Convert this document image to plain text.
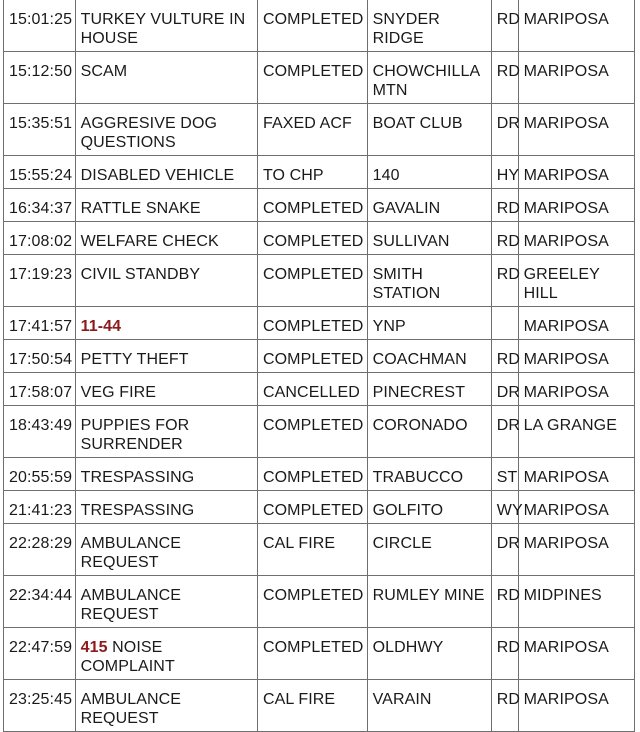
15:01:25	TURKEY VULTURE IN HOUSE	COMPLETED	SNYDER RIDGE	RD	MARIPOSA
15:12:50	SCAM	COMPLETED	CHOWCHILLA MTN	RD	MARIPOSA
15:35:51	AGGRESIVE DOG QUESTIONS	FAXED ACF	BOAT CLUB	DR	MARIPOSA
15:55:24	DISABLED VEHICLE	TO CHP	140	HY	MARIPOSA
16:34:37	RATTLE SNAKE	COMPLETED	GAVALIN	RD	MARIPOSA
17:08:02	WELFARE CHECK	COMPLETED	SULLIVAN	RD	MARIPOSA
17:19:23	CIVIL STANDBY	COMPLETED	SMITH STATION	RD	GREELEY HILL
17:41:57	11-44	COMPLETED	YNP		MARIPOSA
17:50:54	PETTY THEFT	COMPLETED	COACHMAN	RD	MARIPOSA
17:58:07	VEG FIRE	CANCELLED	PINECREST	DR	MARIPOSA
18:43:49	PUPPIES FOR SURRENDER	COMPLETED	CORONADO	DR	LA GRANGE
20:55:59	TRESPASSING	COMPLETED	TRABUCCO	ST	MARIPOSA
21:41:23	TRESPASSING	COMPLETED	GOLFITO	WY	MARIPOSA
22:28:29	AMBULANCE REQUEST	CAL FIRE	CIRCLE	DR	MARIPOSA
22:34:44	AMBULANCE REQUEST	COMPLETED	RUMLEY MINE	RD	MIDPINES
22:47:59	415 NOISE COMPLAINT	COMPLETED	OLDHWY	RD	MARIPOSA
23:25:45	AMBULANCE REQUEST	CAL FIRE	VARAIN	RD	MARIPOSA
